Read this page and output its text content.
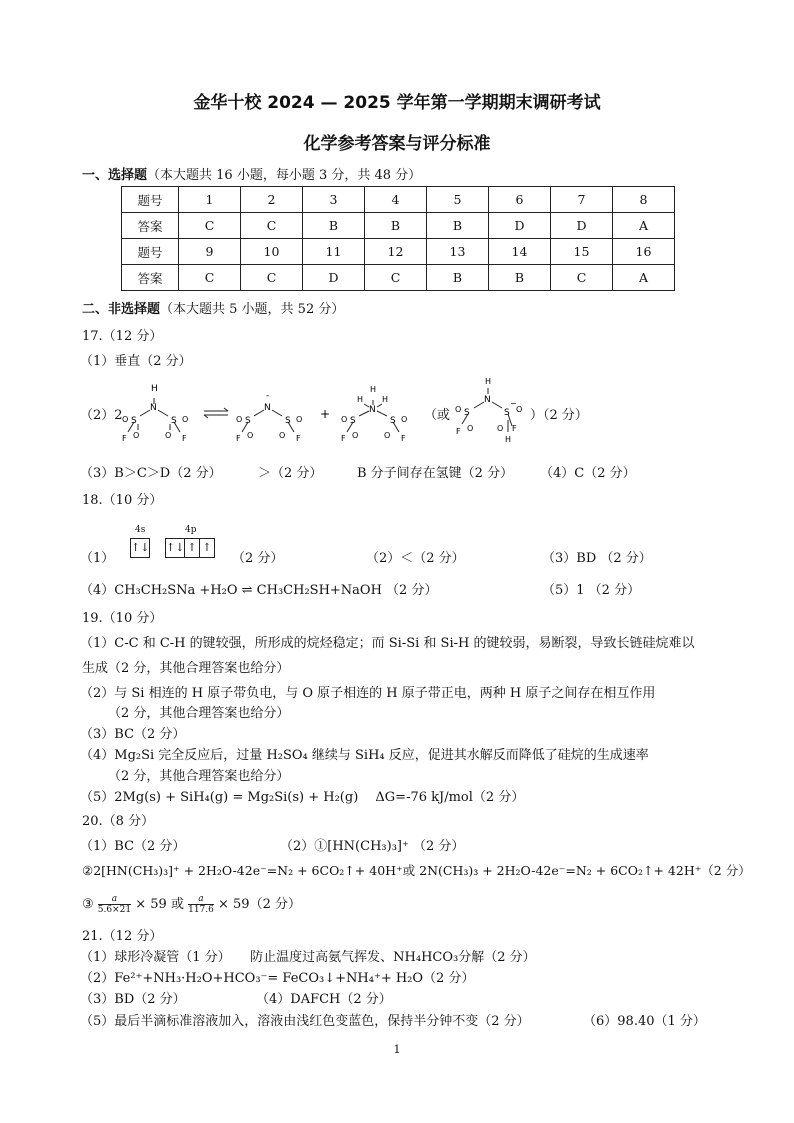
金华十校 2024 — 2025 学年第一学期期末调研考试
化学参考答案与评分标准
一、选择题（本大题共 16 小题，每小题 3 分，共 48 分）
题号	1	2	3	4	5	6	7	8
答案	C	C	B	B	B	D	D	A
题号	9	10	11	12	13	14	15	16
答案	C	C	D	C	B	B	C	A
二、非选择题（本大题共 5 小题，共 52 分）
17.（12 分）
（1）垂直（2 分）
（2）2
H
N
S	S
O	O
O	O
F	F
-
N
S	S
O	O
O	O
F	F
+
H
H H
N
S	S
O	O
O	O
F	F
（或
H
N
S	S
−
O	O
O	O
F	F
H
）（2 分）
（3）B＞C＞D（2 分）	＞（2 分）	B 分子间存在氢键（2 分） （4）C（2 分）
18.（10 分）
（1）
4s	4p
↑↓ ↑↓ ↑ ↑
（2 分）	（2）＜（2 分）	（3）BD （2 分）
（4）CH₃CH₂SNa +H₂O ⇌ CH₃CH₂SH+NaOH （2 分）	（5）1 （2 分）
19.（10 分）
（1）C-C 和 C-H 的键较强，所形成的烷烃稳定；而 Si-Si 和 Si-H 的键较弱，易断裂，导致长链硅烷难以
生成（2 分，其他合理答案也给分）
（2）与 Si 相连的 H 原子带负电，与 O 原子相连的 H 原子带正电，两种 H 原子之间存在相互作用
（2 分，其他合理答案也给分）
（3）BC（2 分）
（4）Mg₂Si 完全反应后，过量 H₂SO₄ 继续与 SiH₄ 反应，促进其水解反而降低了硅烷的生成速率
（2 分，其他合理答案也给分）
（5）2Mg(s) + SiH₄(g) = Mg₂Si(s) + H₂(g)　 ΔG=-76 kJ/mol（2 分）
20.（8 分）
（1）BC（2 分）	（2）①[HN(CH₃)₃]⁺ （2 分）
②2[HN(CH₃)₃]⁺ + 2H₂O-42e⁻=N₂ + 6CO₂↑+ 40H⁺或 2N(CH₃)₃ + 2H₂O-42e⁻=N₂ + 6CO₂↑+ 42H⁺（2 分）
③ $\frac{a}{5.6\times 21} \times 59$ 或 $\frac{a}{117.6} \times 59(2$ 分）
21.（12 分）
（1）球形冷凝管（1 分）　　防止温度过高氨气挥发、NH₄HCO₃分解（2 分）
（2）Fe²⁺+NH₃·H₂O+HCO₃⁻= FeCO₃↓+NH₄⁺+ H₂O（2 分）
（3）BD（2 分）	（4）DAFCH（2 分）
（5）最后半滴标准溶液加入，溶液由浅红色变蓝色，保持半分钟不变（2 分）	（6）98.40（1 分）
1
